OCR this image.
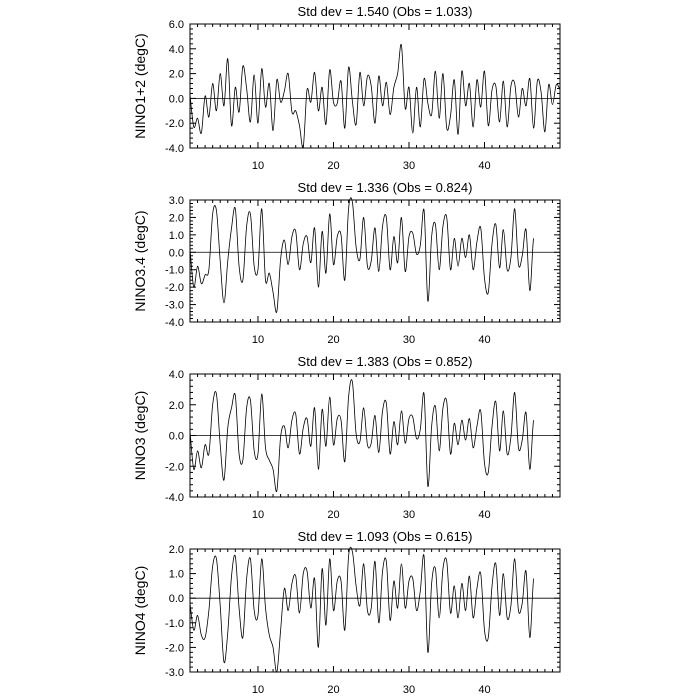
Std dev = 1.540 (Obs = 1.033)
-4.0
-2.0
0.0
2.0
4.0
6.0
10	20	30	40
NINO1+2 (degC)
Std dev = 1.336 (Obs = 0.824)
-4.0
-3.0
-2.0
-1.0
0.0
1.0
2.0
3.0
10	20	30	40
NINO3.4 (degC)
Std dev = 1.383 (Obs = 0.852)
-4.0
-2.0
0.0
2.0
4.0
10	20	30	40
NINO3 (degC)
Std dev = 1.093 (Obs = 0.615)
-3.0
-2.0
-1.0
0.0
1.0
2.0
10	20	30	40
NINO4 (degC)
